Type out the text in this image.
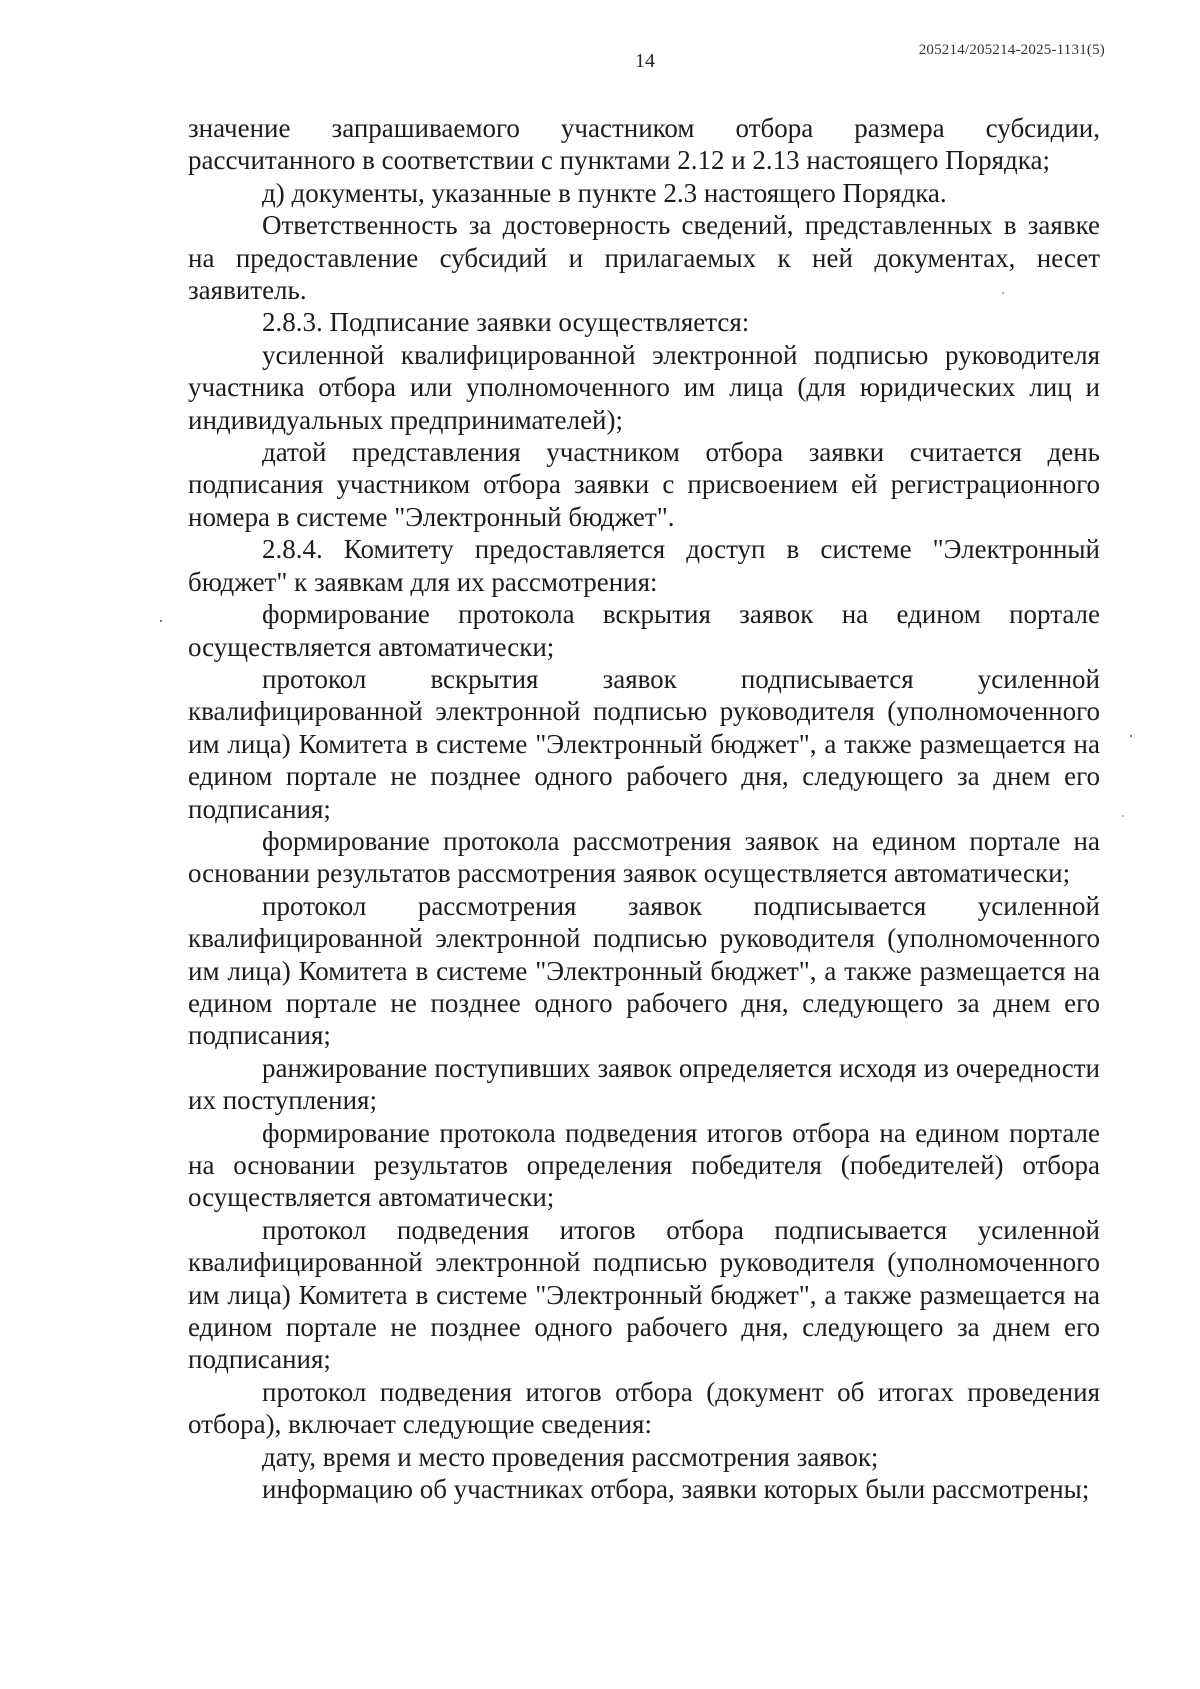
14	205214/205214-2025-1131(5)

значение запрашиваемого участником отбора размера субсидии, рассчитанного в соответствии с пунктами 2.12 и 2.13 настоящего Порядка;

д) документы, указанные в пункте 2.3 настоящего Порядка.

Ответственность за достоверность сведений, представленных в заявке на предоставление субсидий и прилагаемых к ней документах, несет заявитель.

2.8.3. Подписание заявки осуществляется:

усиленной квалифицированной электронной подписью руководителя участника отбора или уполномоченного им лица (для юридических лиц и индивидуальных предпринимателей);

датой представления участником отбора заявки считается день подписания участником отбора заявки с присвоением ей регистрационного номера в системе "Электронный бюджет".

2.8.4. Комитету предоставляется доступ в системе "Электронный бюджет" к заявкам для их рассмотрения:

формирование протокола вскрытия заявок на едином портале осуществляется автоматически;

протокол вскрытия заявок подписывается усиленной квалифицированной электронной подписью руководителя (уполномоченного им лица) Комитета в системе "Электронный бюджет", а также размещается на едином портале не позднее одного рабочего дня, следующего за днем его подписания;

формирование протокола рассмотрения заявок на едином портале на основании результатов рассмотрения заявок осуществляется автоматически;

протокол рассмотрения заявок подписывается усиленной квалифицированной электронной подписью руководителя (уполномоченного им лица) Комитета в системе "Электронный бюджет", а также размещается на едином портале не позднее одного рабочего дня, следующего за днем его подписания;

ранжирование поступивших заявок определяется исходя из очередности их поступления;

формирование протокола подведения итогов отбора на едином портале на основании результатов определения победителя (победителей) отбора осуществляется автоматически;

протокол подведения итогов отбора подписывается усиленной квалифицированной электронной подписью руководителя (уполномоченного им лица) Комитета в системе "Электронный бюджет", а также размещается на едином портале не позднее одного рабочего дня, следующего за днем его подписания;

протокол подведения итогов отбора (документ об итогах проведения отбора), включает следующие сведения:

дату, время и место проведения рассмотрения заявок;

информацию об участниках отбора, заявки которых были рассмотрены;
